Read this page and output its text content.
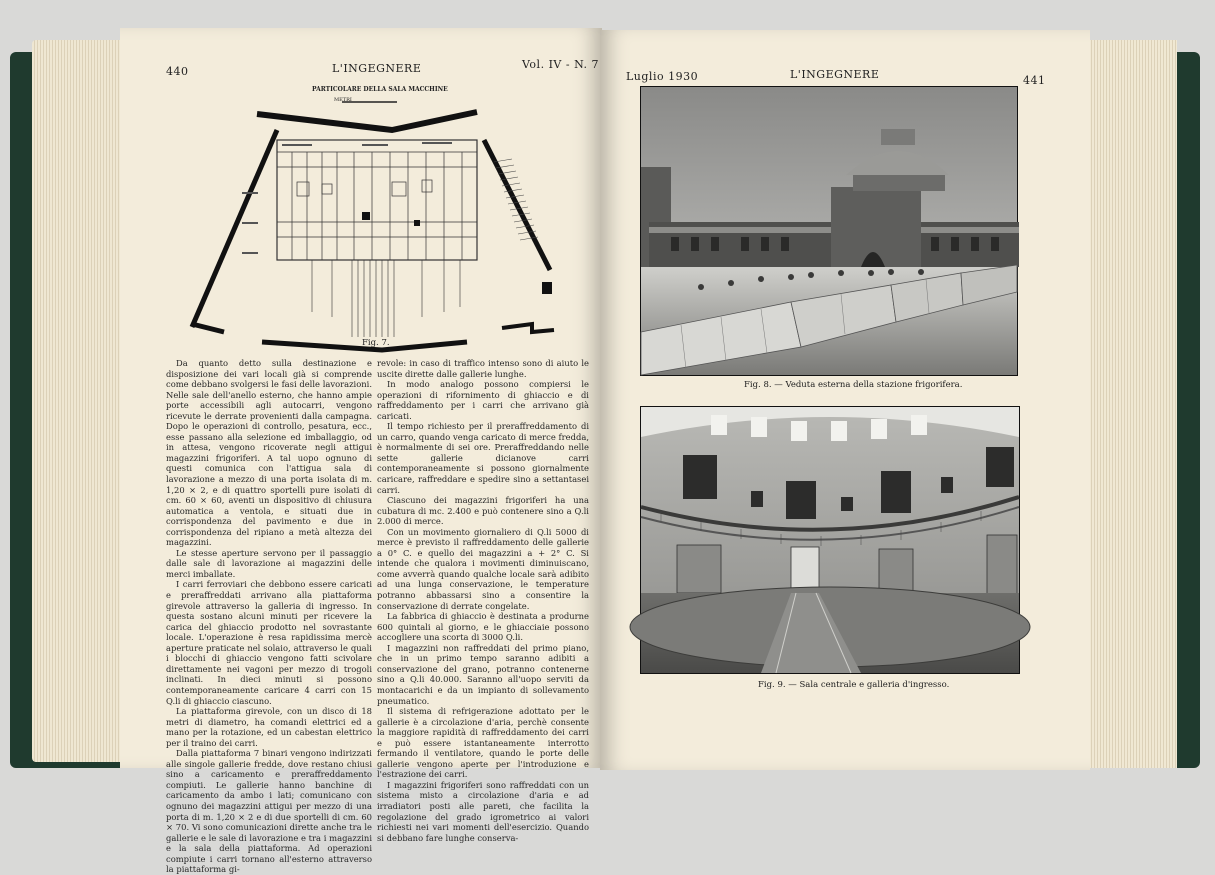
440	L'INGEGNERE	Vol. IV - N. 7
PARTICOLARE DELLA SALA MACCHINE
METRI
Fig. 7.

Da quanto detto sulla destinazione e disposizione dei vari locali già si comprende come debbano svolgersi le fasi delle lavorazioni. Nelle sale dell'anello esterno, che hanno ampie porte accessibili agli autocarri, vengono ricevute le derrate provenienti dalla campagna. Dopo le operazioni di controllo, pesatura, ecc., esse passano alla selezione ed imballaggio, od in attesa, vengono ricoverate negli attigui magazzini frigoriferi. A tal uopo ognuno di questi comunica con l'attigua sala di lavorazione a mezzo di una porta isolata di m. 1,20 × 2, e di quattro sportelli pure isolati di cm. 60 × 60, aventi un dispositivo di chiusura automatica a ventola, e situati due in corrispondenza del pavimento e due in corrispondenza del ripiano a metà altezza dei magazzini.

Le stesse aperture servono per il passaggio dalle sale di lavorazione ai magazzini delle merci imballate.

I carri ferroviari che debbono essere caricati e preraffreddati arrivano alla piattaforma girevole attraverso la galleria di ingresso. In questa sostano alcuni minuti per ricevere la carica del ghiaccio prodotto nel sovrastante locale. L'operazione è resa rapidissima mercè aperture praticate nel solaio, attraverso le quali i blocchi di ghiaccio vengono fatti scivolare direttamente nei vagoni per mezzo di trogoli inclinati. In dieci minuti si possono contemporaneamente caricare 4 carri con 15 Q.li di ghiaccio ciascuno.

La piattaforma girevole, con un disco di 18 metri di diametro, ha comandi elettrici ed a mano per la rotazione, ed un cabestan elettrico per il traino dei carri.

Dalla piattaforma 7 binari vengono indirizzati alle singole gallerie fredde, dove restano chiusi sino a caricamento e preraffreddamento compiuti. Le gallerie hanno banchine di caricamento da ambo i lati; comunicano con ognuno dei magazzini attigui per mezzo di una porta di m. 1,20 × 2 e di due sportelli di cm. 60 × 70. Vi sono comunicazioni dirette anche tra le gallerie e le sale di lavorazione e tra i magazzini e la sala della piattaforma. Ad operazioni compiute i carri tornano all'esterno attraverso la piattaforma gi-

revole: in caso di traffico intenso sono di aiuto le uscite dirette dalle gallerie lunghe.

In modo analogo possono compiersi le operazioni di rifornimento di ghiaccio e di raffreddamento per i carri che arrivano già caricati.

Il tempo richiesto per il preraffreddamento di un carro, quando venga caricato di merce fredda, è normalmente di sei ore. Preraffreddando nelle sette gallerie dicianove carri contemporaneamente si possono giornalmente caricare, raffreddare e spedire sino a settantasei carri.

Ciascuno dei magazzini frigoriferi ha una cubatura di mc. 2.400 e può contenere sino a Q.li 2.000 di merce.

Con un movimento giornaliero di Q.li 5000 di merce è previsto il raffreddamento delle gallerie a 0° C. e quello dei magazzini a + 2° C. Si intende che qualora i movimenti diminuiscano, come avverrà quando qualche locale sarà adibito ad una lunga conservazione, le temperature potranno abbassarsi sino a consentire la conservazione di derrate congelate.

La fabbrica di ghiaccio è destinata a produrne 600 quintali al giorno, e le ghiacciaie possono accogliere una scorta di 3000 Q.li.

I magazzini non raffreddati del primo piano, che in un primo tempo saranno adibiti a conservazione del grano, potranno contenerne sino a Q.li 40.000. Saranno all'uopo serviti da montacarichi e da un impianto di sollevamento pneumatico.

Il sistema di refrigerazione adottato per le gallerie è a circolazione d'aria, perchè consente la maggiore rapidità di raffreddamento dei carri e può essere istantaneamente interrotto fermando il ventilatore, quando le porte delle gallerie vengono aperte per l'introduzione e l'estrazione dei carri.

I magazzini frigoriferi sono raffreddati con un sistema misto a circolazione d'aria e ad irradiatori posti alle pareti, che facilita la regolazione del grado igrometrico ai valori richiesti nei vari momenti dell'esercizio. Quando si debbano fare lunghe conserva-

Luglio 1930	L'INGEGNERE	441
Fig. 8. — Veduta esterna della stazione frigorifera.
Fig. 9. — Sala centrale e galleria d'ingresso.
